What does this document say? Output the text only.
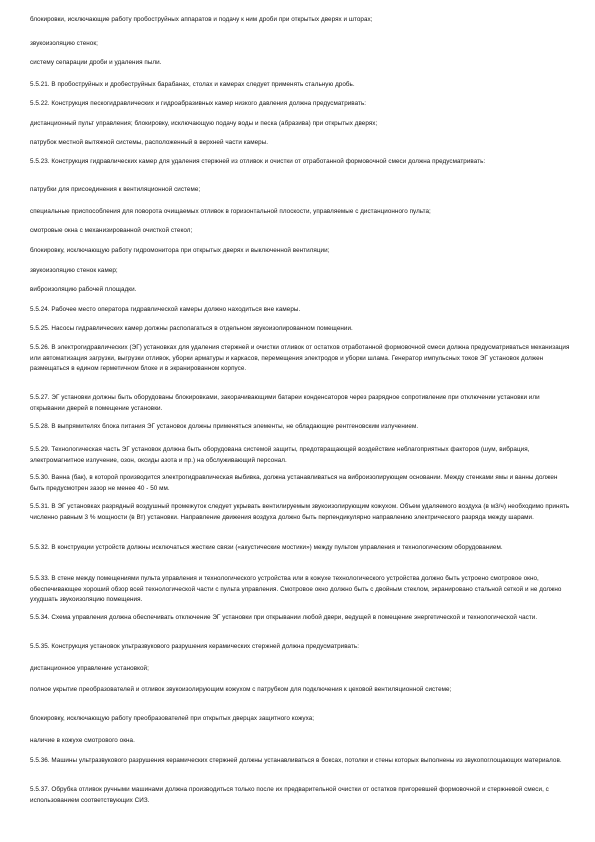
блокировки, исключающие работу пробоструйных аппаратов и подачу к ним дроби при открытых дверях и шторах;

звукоизоляцию стенок;

систему сепарации дроби и удаления пыли.

5.5.21. В пробоструйных и дробеструйных барабанах, столах и камерах следует применять стальную дробь.

5.5.22. Конструкция пескогидравлических и гидроабразивных камер низкого давления должна предусматривать:

дистанционный пульт управления; блокировку, исключающую подачу воды и песка (абразива) при открытых дверях;

патрубок местной вытяжной системы, расположенный в верхней части камеры.

5.5.23. Конструкция гидравлических камер для удаления стержней из отливок и очистки от отработанной формовочной смеси должна предусматривать:

патрубки для присоединения к вентиляционной системе;

специальные приспособления для поворота очищаемых отливок в горизонтальной плоскости, управляемые с дистанционного пульта;

смотровые окна с механизированной очисткой стекол;

блокировку, исключающую работу гидромонитора при открытых дверях и выключенной вентиляции;

звукоизоляцию стенок камер;

виброизоляцию рабочей площадки.

5.5.24. Рабочее место оператора гидравлической камеры должно находиться вне камеры.

5.5.25. Насосы гидравлических камер должны располагаться в отдельном звукоизолированном помещении.

5.5.26. В электрогидравлических (ЭГ) установках для удаления стержней и очистки отливок от остатков отработанной формовочной смеси должна предусматриваться механизация или автоматизация загрузки, выгрузки отливок, уборки арматуры и каркасов, перемещения электродов и уборки шлама. Генератор импульсных токов ЭГ установок должен размещаться в едином герметичном блоке и в экранированном корпусе.

5.5.27. ЭГ установки должны быть оборудованы блокировками, закорачивающими батареи конденсаторов через разрядное сопротивление при отключении установки или открывании дверей в помещение установки.

5.5.28. В выпрямителях блока питания ЭГ установок должны применяться элементы, не обладающие рентгеновским излучением.

5.5.29. Технологическая часть ЭГ установок должна быть оборудована системой защиты, предотвращающей воздействие неблагоприятных факторов (шум, вибрация, электромагнитное излучение, озон, оксиды азота и пр.) на обслуживающий персонал.

5.5.30. Ванна (бак), в которой производится электрогидравлическая выбивка, должна устанавливаться на виброизолирующем основании. Между стенками ямы и ванны должен быть предусмотрен зазор не менее 40 - 50 мм.

5.5.31. В ЭГ установках разрядный воздушный промежуток следует укрывать вентилируемым звукоизолирующим кожухом. Объем удаляемого воздуха (в м3/ч) необходимо принять численно равным 3 % мощности (в Вт) установки. Направление движения воздуха должно быть перпендикулярно направлению электрического разряда между шарами.

5.5.32. В конструкции устройств должны исключаться жесткие связи («акустические мостики») между пультом управления и технологическим оборудованием.

5.5.33. В стене между помещениями пульта управления и технологического устройства или в кожухе технологического устройства должно быть устроено смотровое окно, обеспечивающее хороший обзор всей технологической части с пульта управления. Смотровое окно должно быть с двойным стеклом, экранировано стальной сеткой и не должно ухудшать звукоизоляцию помещения.

5.5.34. Схема управления должна обеспечивать отключение ЭГ установки при открывании любой двери, ведущей в помещение энергетической и технологической части.

5.5.35. Конструкция установок ультразвукового разрушения керамических стержней должна предусматривать:

дистанционное управление установкой;

полное укрытие преобразователей и отливок звукоизолирующим кожухом с патрубком для подключения к цеховой вентиляционной системе;

блокировку, исключающую работу преобразователей при открытых дверцах защитного кожуха;

наличие в кожухе смотрового окна.

5.5.36. Машины ультразвукового разрушения керамических стержней должны устанавливаться в боксах, потолки и стены которых выполнены из звукопоглощающих материалов.

5.5.37. Обрубка отливок ручными машинами должна производиться только после их предварительной очистки от остатков пригоревшей формовочной и стержневой смеси, с использованием соответствующих СИЗ.
